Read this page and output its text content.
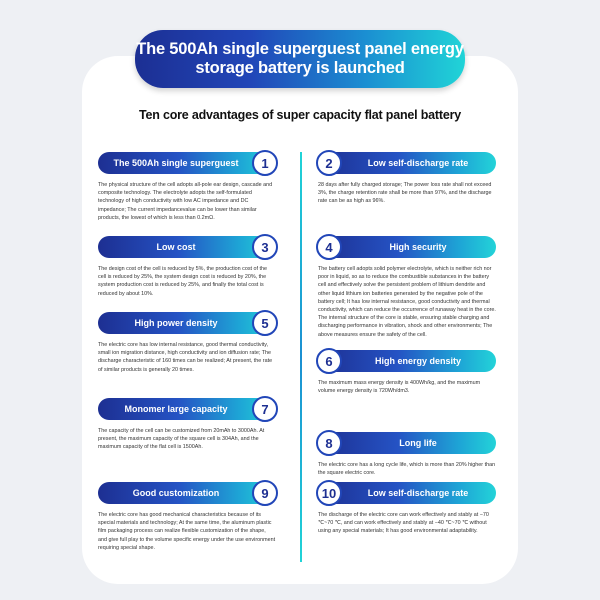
The 500Ah single superguest panel energy
storage battery is launched
Ten core advantages of super capacity flat panel battery
The 500Ah single superguest	1
The physical structure of the cell adopts all-pole ear design, cascade and composite technology. The electrolyte adopts the self-formulated technology of high conductivity with low AC impedance and DC impedance; The current impedancevalue can be lower than similar products, the lowest of which is less than 0.2mΩ.
Low cost	3
The design cost of the cell is reduced by 5%, the production cost of the cell is reduced by 25%, the system design cost is reduced by 20%, the system production cost is reduced by 25%, and finally the total cost is reduced by about 10%.
High power density	5
The electric core has low internal resistance, good thermal conductivity, small ion migration distance, high conductivity and ion diffusion rate; The discharge characteristic of 160 times can be realized; At present, the rate of similar products is generally 20 times.
Monomer large capacity	7
The capacity of the cell can be customized from 20mAh to 3000Ah. At present, the maximum capacity of the square cell is 304Ah, and the maximum capacity of the flat cell is 1500Ah.
Good customization	9
The electric core has good mechanical characteristics because of its special materials and technology; At the same time, the aluminum plastic film packaging process can realize flexible customization of the shape, and give full play to the volume specific energy under the use environment requiring special shape.
2	Low self-discharge rate
28 days after fully charged storage; The power loss rate shall not exceed 3%, the charge retention rate shall be more than 97%, and the discharge rate can be as high as 96%.
4	High security
The battery cell adopts solid polymer electrolyte, which is neither rich nor poor in liquid, so as to reduce the combustible substances in the battery cell and effectively solve the persistent problem of lithium dendrite and other liquid lithium ion batteries generated by the negative pole of the battery cell; It has low internal resistance, good conductivity and thermal conductivity, which can reduce the occurrence of runaway heat in the core. The internal structure of the core is stable, ensuring stable charging and discharging performance in vibration, shock and other environments; The above measures ensure the safety of the cell.
6	High energy density
The maximum mass energy density is 400Wh/kg, and the maximum volume energy density is 720Wh/dm3.
8	Long life
The electric core has a long cycle life, which is more than 20% higher than the square electric core.
10	Low self-discharge rate
The discharge of the electric core can work effectively and stably at −70 ℃~70 ℃, and can work effectively and stably at −40 ℃~70 ℃ without using any special materials; It has good environmental adaptability.
